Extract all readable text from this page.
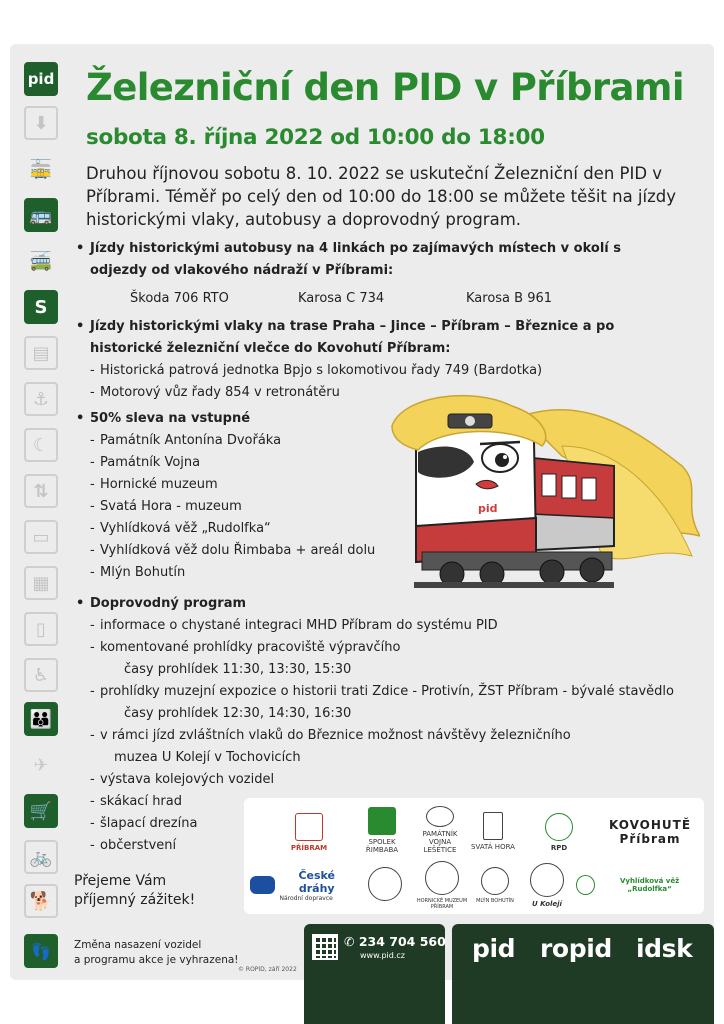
pid
⬇
🚋
🚌
🚎
S
▤
⚓
☾
⇅
▭
▦
▯
♿
👪
✈
🛒
🚲
🐕
Železniční den PID v Příbrami
sobota 8. října 2022 od 10:00 do 18:00

Druhou říjnovou sobotu 8. 10. 2022 se uskuteční Železniční den PID v Příbrami. Téměř po celý den od 10:00 do 18:00 se můžete těšit na jízdy historickými vlaky, autobusy a doprovodný program.

• Jízdy historickými autobusy na 4 linkách po zajímavých místech v okolí s odjezdy od vlakového nádraží v Příbrami:
Škoda 706 RTO	Karosa C 734	Karosa B 961
• Jízdy historickými vlaky na trase Praha – Jince – Příbram – Březnice a po historické železniční vlečce do Kovohutí Příbram:
- Historická patrová jednotka Bpjo s lokomotivou řady 749 (Bardotka)
- Motorový vůz řady 854 v retronátěru
• 50% sleva na vstupné
- Památník Antonína Dvořáka
- Památník Vojna
- Hornické muzeum
- Svatá Hora - muzeum
- Vyhlídková věž „Rudolfka“
- Vyhlídková věž dolu Řimbaba + areál dolu
- Mlýn Bohutín
• Doprovodný program
- informace o chystané integraci MHD Příbram do systému PID
- komentované prohlídky pracoviště výpravčího
časy prohlídek 11:30, 13:30, 15:30
- prohlídky muzejní expozice o historii trati Zdice - Protivín, ŽST Příbram - bývalé stavědlo
časy prohlídek 12:30, 14:30, 16:30
- v rámci jízd zvláštních vlaků do Březnice možnost návštěvy železničního
muzea U Kolejí v Tochovicích
- výstava kolejových vozidel
- skákací hrad
- šlapací drezína
- občerstvení
pid
Přejeme Vám
příjemný zážitek!
PŘÍBRAM
SPOLEK ŘIMBABA
PAMÁTNÍK VOJNA LEŠETICE	SVATÁ HORA	RPD
KOVOHUTĚ Příbram
České dráhy
Národní dopravce	HORNICKÉ MUZEUM PŘÍBRAM
MLÝN BOHUTÍN	U Kolejí
Vyhlídková věž „Rudolfka“
👣	Změna nasazení vozidel
a programu akce je vyhrazena!
© ROPID, září 2022
✆ 234 704 560
www.pid.cz	pid ropid idsk
